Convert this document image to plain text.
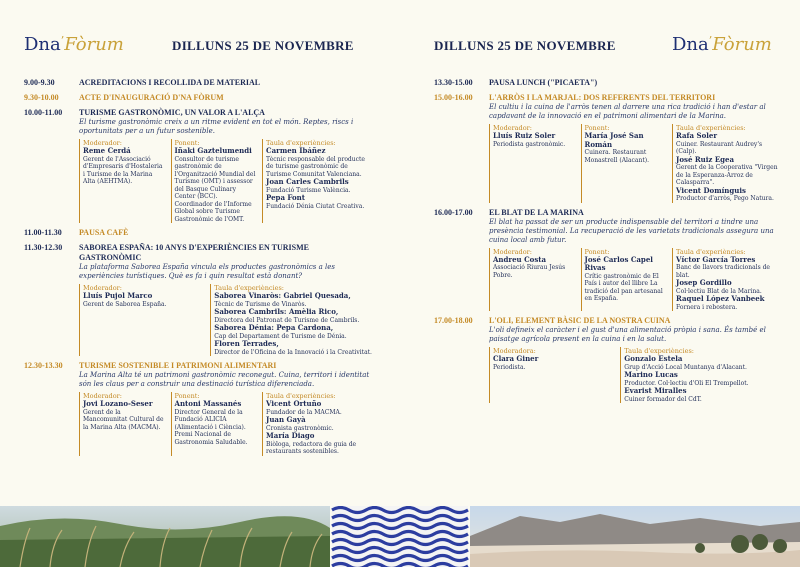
Dna’Fòrum	DILLUNS 25 DE NOVEMBRE	DILLUNS 25 DE NOVEMBRE	Dna’Fòrum
9.00-9.30	ACREDITACIONS I RECOLLIDA DE MATERIAL
9.30-10.00	ACTE D'INAUGURACIÓ D'NA FÒRUM
10.00-11.00	TURISME GASTRONÒMIC, UN VALOR A L'ALÇA
El turisme gastronòmic creix a un ritme evident en tot el món. Reptes, riscs i oportunitats per a un futur sostenible.
Moderador:
Reme Cerdá
Gerent de l'Associació d'Empresaris d'Hostaleria i Turisme de la Marina Alta (AEHTMA).
Ponent:
Iñaki Gaztelumendi
Consultor de turisme gastronòmic de l'Organització Mundial del Turisme (OMT) i assessor del Basque Culinary Center (BCC). Coordinador de l'Informe Global sobre Turisme Gastronòmic de l'OMT.
Taula d'experiències:
Carmen Ibáñez
Tècnic responsable del producte de turisme gastronòmic de Turisme Comunitat Valenciana.
Joan Carles Cambrils
Fundació Turisme València.
Pepa Font
Fundació Dénia Ciutat Creativa.
11.00-11.30	PAUSA CAFÈ
11.30-12.30	SABOREA ESPAÑA: 10 ANYS D'EXPERIÈNCIES EN TURISME GASTRONÒMIC
La plataforma Saborea España vincula els productes gastronòmics a les experiències turístiques. Què es fa i quin resultat està donant?
Moderador:
Lluís Pujol Marco
Gerent de Saborea España.
Taula d'experiències:
Saborea Vinaròs: Gabriel Quesada,
Tècnic de Turisme de Vinaròs.
Saborea Cambrils: Amèlia Rico,
Directora del Patronat de Turisme de Cambrils.
Saborea Dénia: Pepa Cardona,
Cap del Departament de Turisme de Dénia.
Floren Terrades,
Director de l'Oficina de la Innovació i la Creativitat.
12.30-13.30	TURISME SOSTENIBLE I PATRIMONI ALIMENTARI
La Marina Alta té un patrimoni gastronòmic reconegut. Cuina, territori i identitat són les claus per a construir una destinació turística diferenciada.
Moderador:
Jovi Lozano-Seser
Gerent de la Mancomunitat Cultural de la Marina Alta (MACMA).
Ponent:
Antoni Massanés
Director General de la Fundació ALICIA (Alimentació i Ciència). Premi Nacional de Gastronomia Saludable.
Taula d'experiències:
Vicent Ortuño
Fundador de la MACMA.
Juan Gayà
Cronista gastronòmic.
María Diago
Biòloga, redactora de guia de restaurants sostenibles.
13.30-15.00	PAUSA LUNCH ("PICAETA")
15.00-16.00	L'ARRÒS I LA MARJAL: DOS REFERENTS DEL TERRITORI
El cultiu i la cuina de l'arròs tenen al darrere una rica tradició i han d'estar al capdavant de la innovació en el patrimoni alimentari de la Marina.
Moderador:
Lluís Ruiz Soler
Periodista gastronòmic.
Ponent:
María José San Román
Cuinera. Restaurant Monastrell (Alacant).
Taula d'experiències:
Rafa Soler
Cuiner. Restaurant Audrey's (Calp).
José Ruiz Egea
Gerent de la Cooperativa "Virgen de la Esperanza-Arroz de Calasparra".
Vicent Domínguis
Productor d'arròs, Pego Natura.
16.00-17.00	EL BLAT DE LA MARINA
El blat ha passat de ser un producte indispensable del territori a tindre una presència testimonial. La recuperació de les varietats tradicionals assegura una cuina local amb futur.
Moderador:
Andreu Costa
Associació Riurau Jesús Pobre.
Ponent:
José Carlos Capel Rivas
Crític gastronòmic de El País i autor del llibre La tradició del pan artesanal en España.
Taula d'experiències:
Víctor García Torres
Banc de llavors tradicionals de blat.
Josep Gordillo
Col·lectiu Blat de la Marina.
Raquel López Vanbeek
Fornera i rebostera.
17.00-18.00	L'OLI, ELEMENT BÀSIC DE LA NOSTRA CUINA
L'oli defineix el caràcter i el gust d'una alimentació pròpia i sana. És també el paisatge agrícola present en la cuina i en la salut.
Moderadora:
Clara Giner
Periodista.
Taula d'experiències:
Gonzalo Estela
Grup d'Acció Local Muntanya d'Alacant.
Marino Lucas
Productor. Col·lectiu d'Oli El Trempellot.
Evarist Miralles
Cuiner formador del CdT.
